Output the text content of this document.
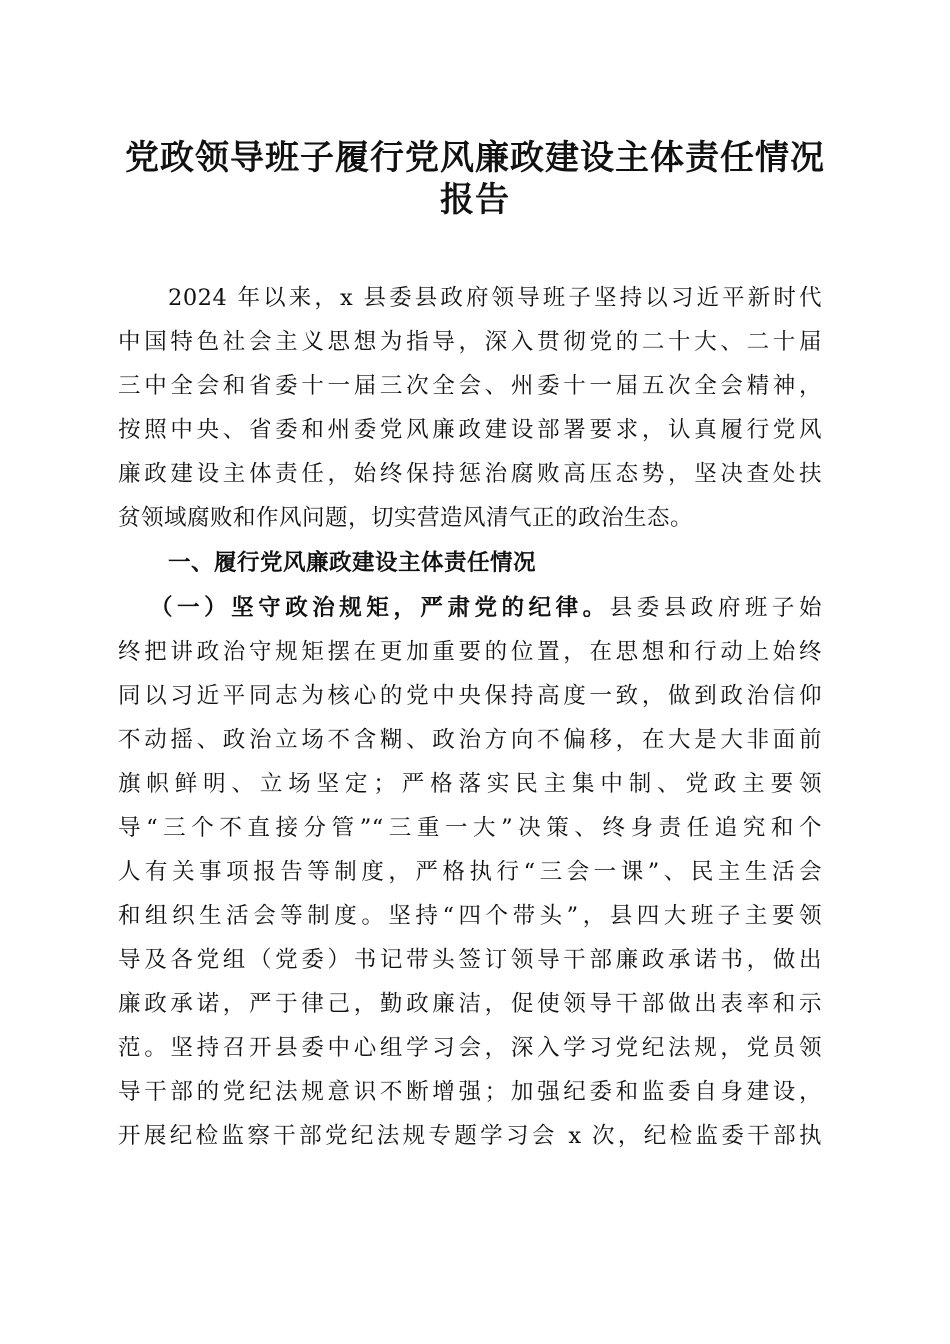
党政领导班子履行党风廉政建设主体责任情况
报告
2024 年以来，x 县委县政府领导班子坚持以习近平新时代
中国特色社会主义思想为指导，深入贯彻党的二十大、二十届
三中全会和省委十一届三次全会、州委十一届五次全会精神，
按照中央、省委和州委党风廉政建设部署要求，认真履行党风
廉政建设主体责任，始终保持惩治腐败高压态势，坚决查处扶
贫领域腐败和作风问题，切实营造风清气正的政治生态。
一、履行党风廉政建设主体责任情况
（一）坚守政治规矩，严肃党的纪律。县委县政府班子始
终把讲政治守规矩摆在更加重要的位置，在思想和行动上始终
同以习近平同志为核心的党中央保持高度一致，做到政治信仰
不动摇、政治立场不含糊、政治方向不偏移，在大是大非面前
旗帜鲜明、立场坚定；严格落实民主集中制、党政主要领
导“三个不直接分管”“三重一大”决策、终身责任追究和个
人有关事项报告等制度，严格执行“三会一课”、民主生活会
和组织生活会等制度。坚持“四个带头”，县四大班子主要领
导及各党组（党委）书记带头签订领导干部廉政承诺书，做出
廉政承诺，严于律己，勤政廉洁，促使领导干部做出表率和示
范。坚持召开县委中心组学习会，深入学习党纪法规，党员领
导干部的党纪法规意识不断增强；加强纪委和监委自身建设，
开展纪检监察干部党纪法规专题学习会 x 次，纪检监委干部执
